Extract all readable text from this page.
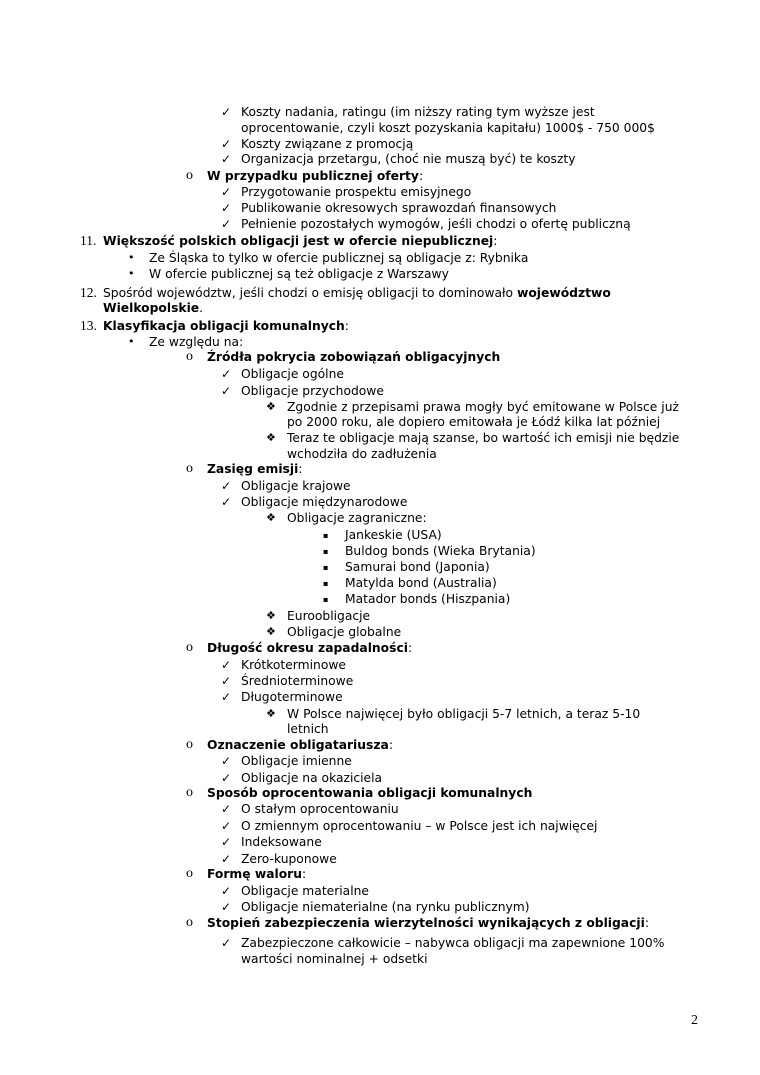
✓ Koszty nadania, ratingu (im niższy rating tym wyższe jest
oprocentowanie, czyli koszt pozyskania kapitału) 1000$ - 750 000$
✓ Koszty związane z promocją
✓ Organizacja przetargu, (choć nie muszą być) te koszty
o W przypadku publicznej oferty:
✓ Przygotowanie prospektu emisyjnego
✓ Publikowanie okresowych sprawozdań finansowych
✓ Pełnienie pozostałych wymogów, jeśli chodzi o ofertę publiczną
11. Większość polskich obligacji jest w ofercie niepublicznej:
• Ze Śląska to tylko w ofercie publicznej są obligacje z: Rybnika
• W ofercie publicznej są też obligacje z Warszawy
12. Spośród województw, jeśli chodzi o emisję obligacji to dominowało województwo
Wielkopolskie.
13. Klasyfikacja obligacji komunalnych:
• Ze względu na:
o Źródła pokrycia zobowiązań obligacyjnych
✓ Obligacje ogólne
✓ Obligacje przychodowe
❖ Zgodnie z przepisami prawa mogły być emitowane w Polsce już
po 2000 roku, ale dopiero emitowała je Łódź kilka lat później
❖ Teraz te obligacje mają szanse, bo wartość ich emisji nie będzie
wchodziła do zadłużenia
o Zasięg emisji:
✓ Obligacje krajowe
✓ Obligacje międzynarodowe
❖ Obligacje zagraniczne:
▪ Jankeskie (USA)
▪ Buldog bonds (Wieka Brytania)
▪ Samurai bond (Japonia)
▪ Matylda bond (Australia)
▪ Matador bonds (Hiszpania)
❖ Euroobligacje
❖ Obligacje globalne
o Długość okresu zapadalności:
✓ Krótkoterminowe
✓ Średnioterminowe
✓ Długoterminowe
❖ W Polsce najwięcej było obligacji 5-7 letnich, a teraz 5-10
letnich
o Oznaczenie obligatariusza:
✓ Obligacje imienne
✓ Obligacje na okaziciela
o Sposób oprocentowania obligacji komunalnych
✓ O stałym oprocentowaniu
✓ O zmiennym oprocentowaniu – w Polsce jest ich najwięcej
✓ Indeksowane
✓ Zero-kuponowe
o Formę waloru:
✓ Obligacje materialne
✓ Obligacje niematerialne (na rynku publicznym)
o Stopień zabezpieczenia wierzytelności wynikających z obligacji:
✓ Zabezpieczone całkowicie – nabywca obligacji ma zapewnione 100%
wartości nominalnej + odsetki
2
